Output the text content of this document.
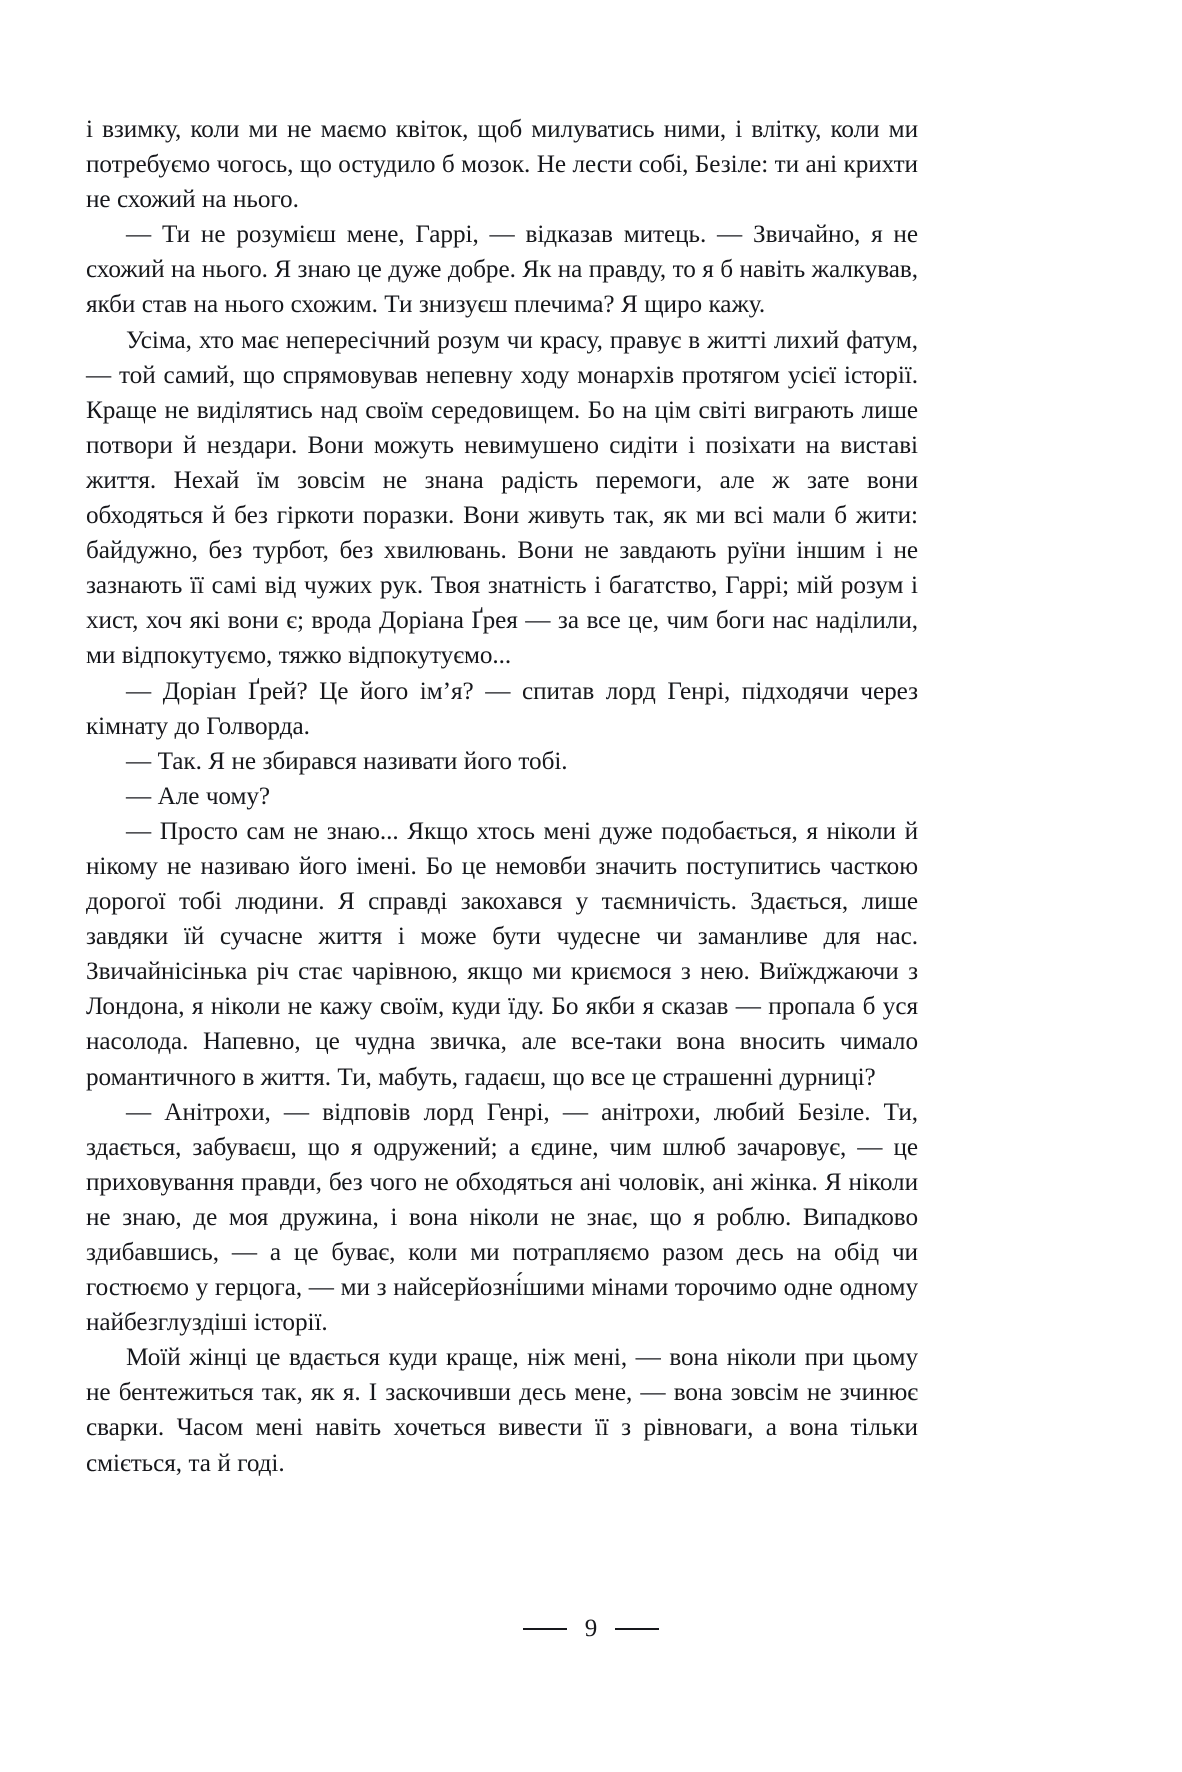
і взимку, коли ми не маємо квіток, щоб милуватись ними, і влітку, коли ми потребуємо чогось, що остудило б мозок. Не лести собі, Безіле: ти ані крихти не схожий на нього.

— Ти не розумієш мене, Гаррі, — відказав митець. — Звичайно, я не схожий на нього. Я знаю це дуже добре. Як на правду, то я б навіть жалкував, якби став на нього схожим. Ти знизуєш плечима? Я щиро кажу.

Усіма, хто має непересічний розум чи красу, правує в житті лихий фатум, — той самий, що спрямовував непевну ходу монархів протягом усієї історії. Краще не виділятись над своїм середовищем. Бо на цім світі виграють лише потвори й нездари. Вони можуть невимушено сидіти і позіхати на виставі життя. Нехай їм зовсім не знана радість перемоги, але ж зате вони обходяться й без гіркоти поразки. Вони живуть так, як ми всі мали б жити: байдужно, без турбот, без хвилювань. Вони не завдають руїни іншим і не зазнають її самі від чужих рук. Твоя знатність і багатство, Гаррі; мій розум і хист, хоч які вони є; врода Доріана Ґрея — за все це, чим боги нас наділили, ми відпокутуємо, тяжко відпокутуємо...

— Доріан Ґрей? Це його ім’я? — спитав лорд Генрі, підходячи через кімнату до Голворда.

— Так. Я не збирався називати його тобі.

— Але чому?

— Просто сам не знаю... Якщо хтось мені дуже подобається, я ніколи й нікому не називаю його імені. Бо це немовби значить поступитись часткою дорогої тобі людини. Я справді закохався у таємничість. Здається, лише завдяки їй сучасне життя і може бути чудесне чи заманливе для нас. Звичайнісінька річ стає чарівною, якщо ми криємося з нею. Виїжджаючи з Лондона, я ніколи не кажу своїм, куди їду. Бо якби я сказав — пропала б уся насолода. Напевно, це чудна звичка, але все-таки вона вносить чимало романтичного в життя. Ти, мабуть, гадаєш, що все це страшенні дурниці?

— Анітрохи, — відповів лорд Генрі, — анітрохи, любий Безіле. Ти, здається, забуваєш, що я одружений; а єдине, чим шлюб зачаровує, — це приховування правди, без чого не обходяться ані чоловік, ані жінка. Я ніколи не знаю, де моя дружина, і вона ніколи не знає, що я роблю. Випадково здибавшись, — а це буває, коли ми потрапляємо разом десь на обід чи гостюємо у герцога, — ми з найсерйозні́шими мінами торочимо одне одному найбезглуздіші історії.

Моїй жінці це вдається куди краще, ніж мені, — вона ніколи при цьому не бентежиться так, як я. І заскочивши десь мене, — вона зовсім не зчинює сварки. Часом мені навіть хочеться вивести її з рівноваги, а вона тільки сміється, та й годі.

9
